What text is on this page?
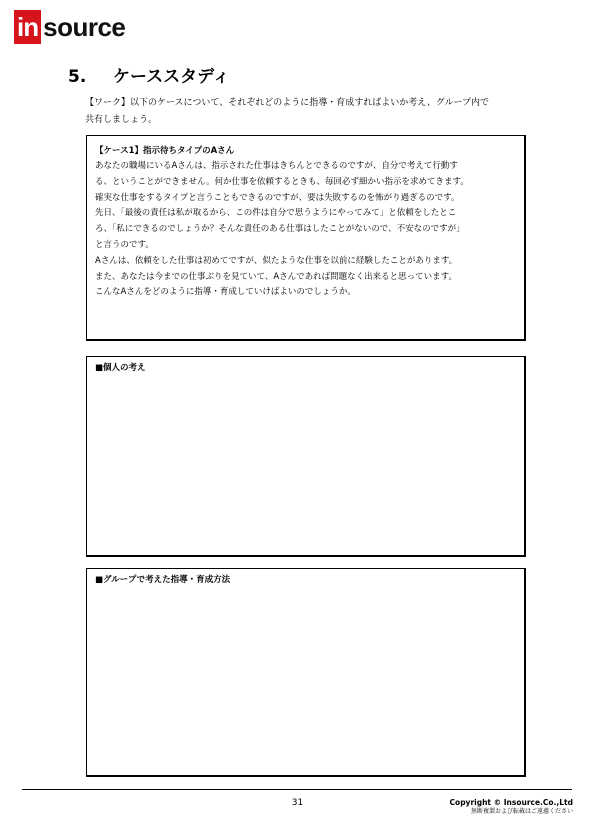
in source
5.	ケーススタディ
【ワーク】以下のケースについて、それぞれどのように指導・育成すればよいか考え、グループ内で
共有しましょう。

【ケース1】指示待ちタイプのAさん

あなたの職場にいるAさんは、指示された仕事はきちんとできるのですが、自分で考えて行動す

る、ということができません。何か仕事を依頼するときも、毎回必ず細かい指示を求めてきます。

確実な仕事をするタイプと言うこともできるのですが、要は失敗するのを怖がり過ぎるのです。

先日、「最後の責任は私が取るから、この件は自分で思うようにやってみて」と依頼をしたとこ

ろ、「私にできるのでしょうか？そんな責任のある仕事はしたことがないので、不安なのですが」

と言うのです。

Aさんは、依頼をした仕事は初めてですが、似たような仕事を以前に経験したことがあります。

また、あなたは今までの仕事ぶりを見ていて、Aさんであれば問題なく出来ると思っています。

こんなAさんをどのように指導・育成していけばよいのでしょうか。

■個人の考え

■グループで考えた指導・育成方法

31	Copyright © Insource.Co.,Ltd
無断複製および転載はご遠慮ください
